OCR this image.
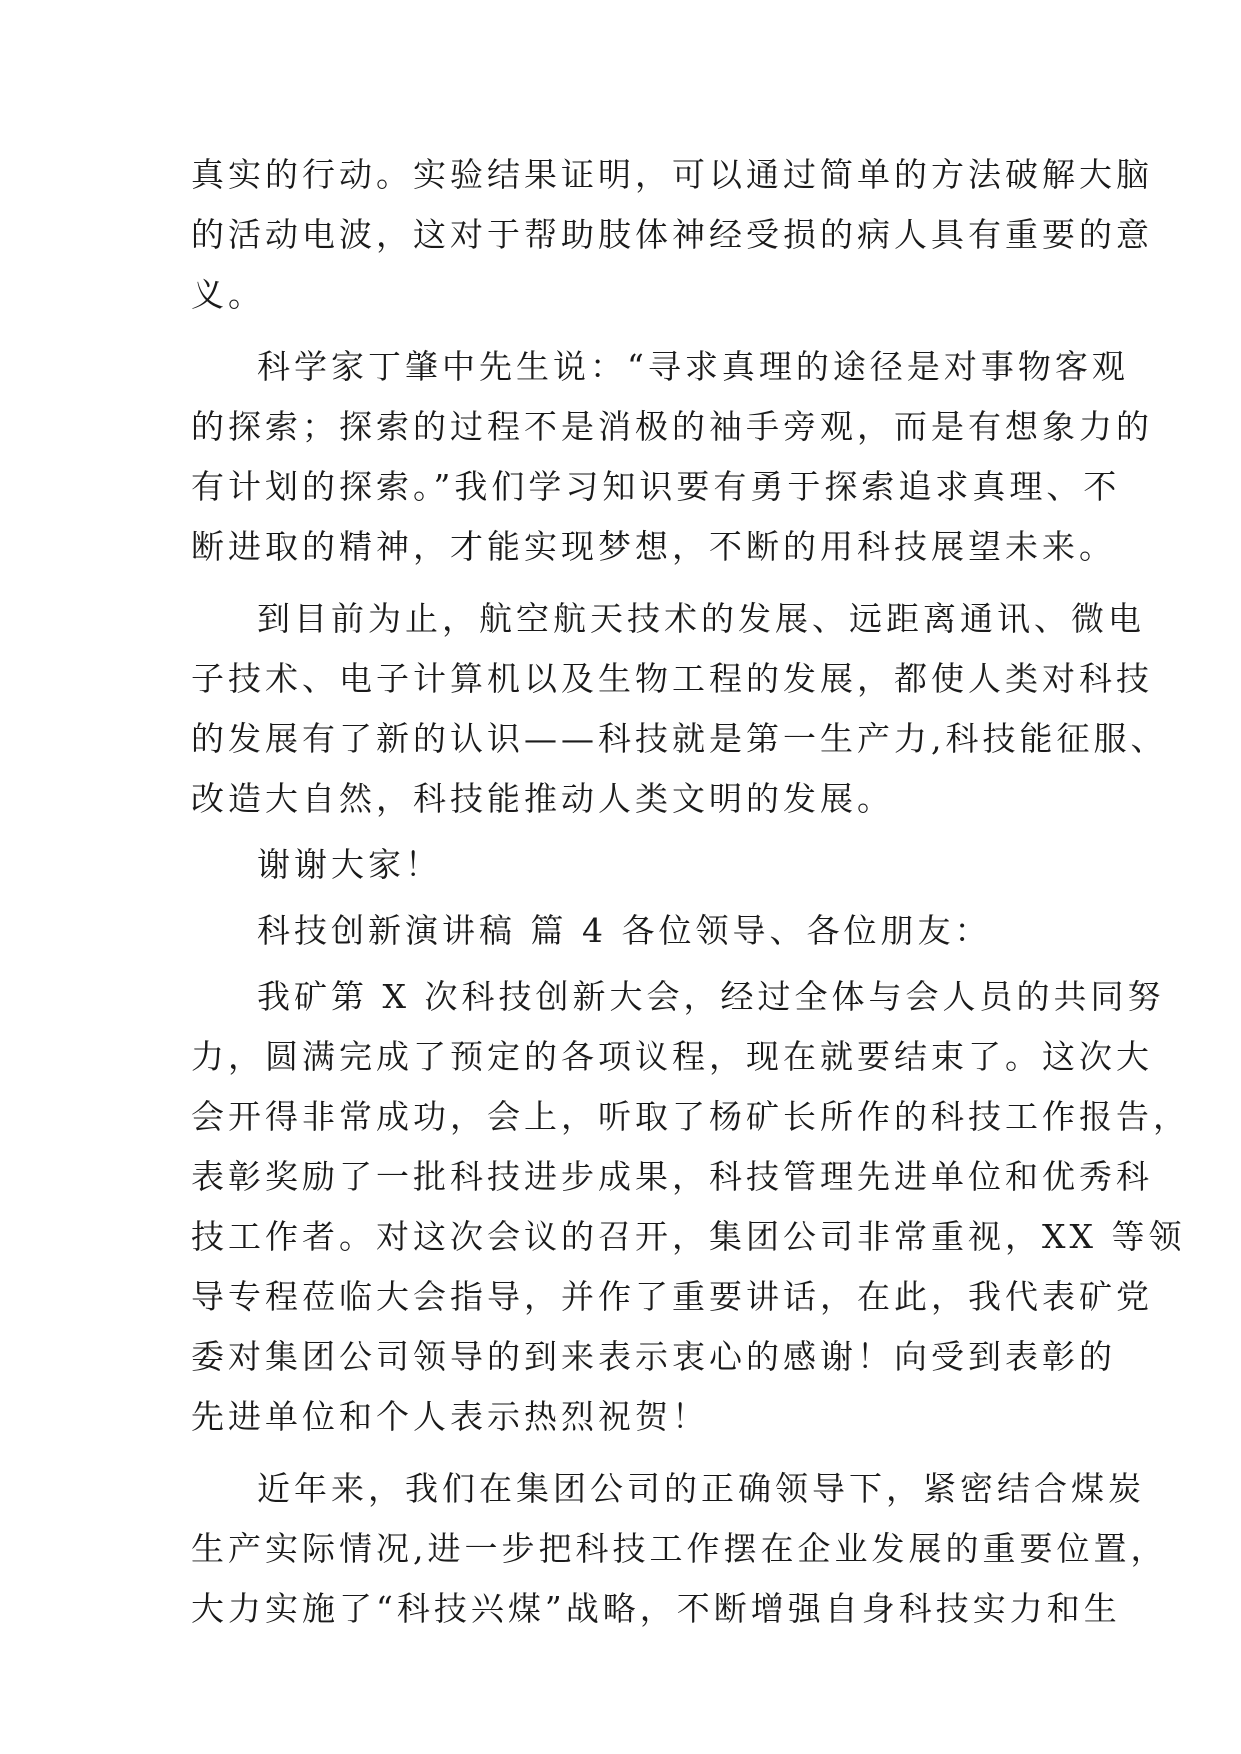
真实的行动。实验结果证明，可以通过简单的方法破解大脑
的活动电波，这对于帮助肢体神经受损的病人具有重要的意
义。
科学家丁肇中先生说：“寻求真理的途径是对事物客观
的探索；探索的过程不是消极的袖手旁观，而是有想象力的
有计划的探索。”我们学习知识要有勇于探索追求真理、不
断进取的精神，才能实现梦想，不断的用科技展望未来。
到目前为止，航空航天技术的发展、远距离通讯、微电
子技术、电子计算机以及生物工程的发展，都使人类对科技
的发展有了新的认识——科技就是第一生产力,科技能征服、
改造大自然，科技能推动人类文明的发展。
谢谢大家！
科技创新演讲稿 篇 4 各位领导、各位朋友：
我矿第 X 次科技创新大会，经过全体与会人员的共同努
力，圆满完成了预定的各项议程，现在就要结束了。这次大
会开得非常成功，会上，听取了杨矿长所作的科技工作报告，
表彰奖励了一批科技进步成果，科技管理先进单位和优秀科
技工作者。对这次会议的召开，集团公司非常重视，XX 等领
导专程莅临大会指导，并作了重要讲话，在此，我代表矿党
委对集团公司领导的到来表示衷心的感谢！向受到表彰的
先进单位和个人表示热烈祝贺！
近年来，我们在集团公司的正确领导下，紧密结合煤炭
生产实际情况,进一步把科技工作摆在企业发展的重要位置，
大力实施了“科技兴煤”战略，不断增强自身科技实力和生
